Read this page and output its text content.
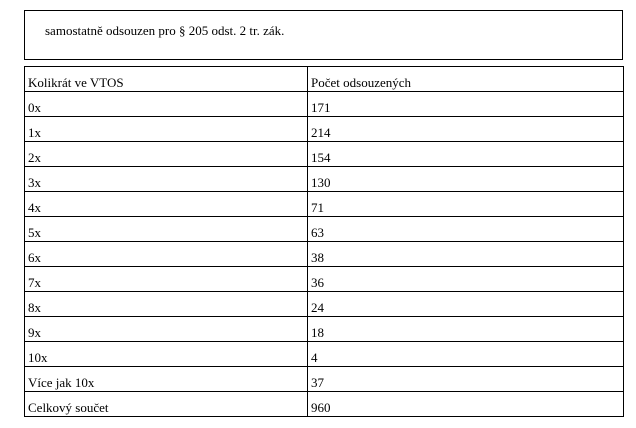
samostatně odsouzen pro § 205 odst. 2 tr. zák.
Kolikrát ve VTOS	Počet odsouzených
0x	171
1x	214
2x	154
3x	130
4x	71
5x	63
6x	38
7x	36
8x	24
9x	18
10x	4
Více jak 10x	37
Celkový součet	960
